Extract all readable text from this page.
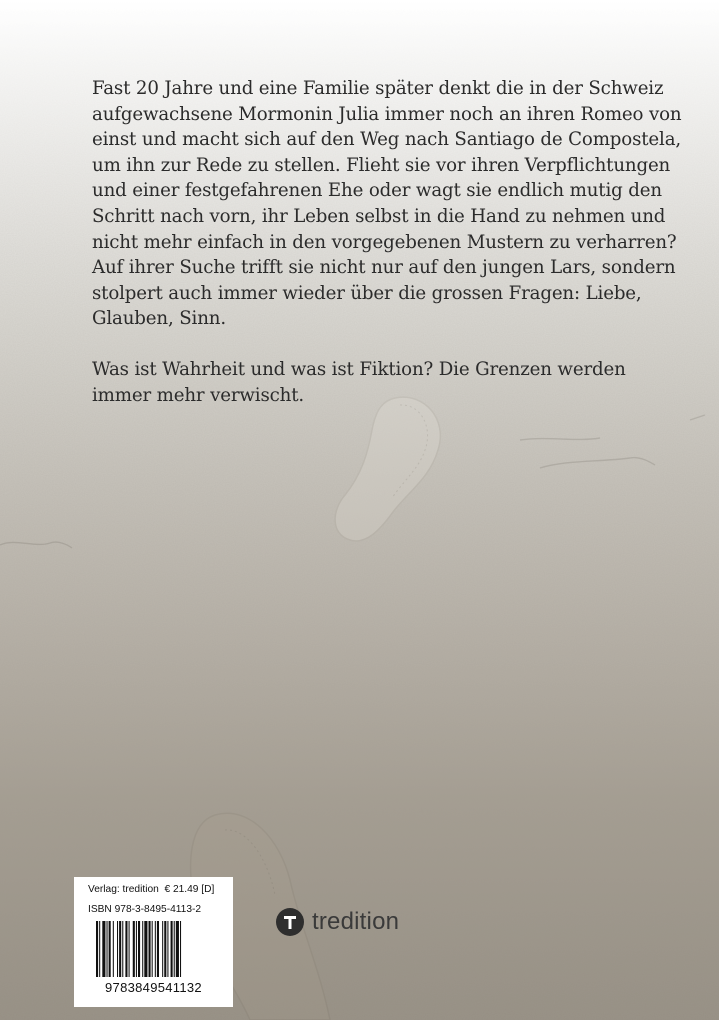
Fast 20 Jahre und eine Familie später denkt die in der Schweiz aufgewachsene Mormonin Julia immer noch an ihren Romeo von einst und macht sich auf den Weg nach Santiago de Compostela, um ihn zur Rede zu stellen. Flieht sie vor ihren Verpflichtungen und einer festgefahrenen Ehe oder wagt sie endlich mutig den Schritt nach vorn, ihr Leben selbst in die Hand zu nehmen und nicht mehr einfach in den vorgegebenen Mustern zu verharren? Auf ihrer Suche trifft sie nicht nur auf den jungen Lars, sondern stolpert auch immer wieder über die grossen Fragen: Liebe, Glauben, Sinn.

Was ist Wahrheit und was ist Fiktion? Die Grenzen werden immer mehr verwischt.

Verlag: tredition € 21.49 [D]
ISBN 978-3-8495-4113-2
9783849541132
tredition
